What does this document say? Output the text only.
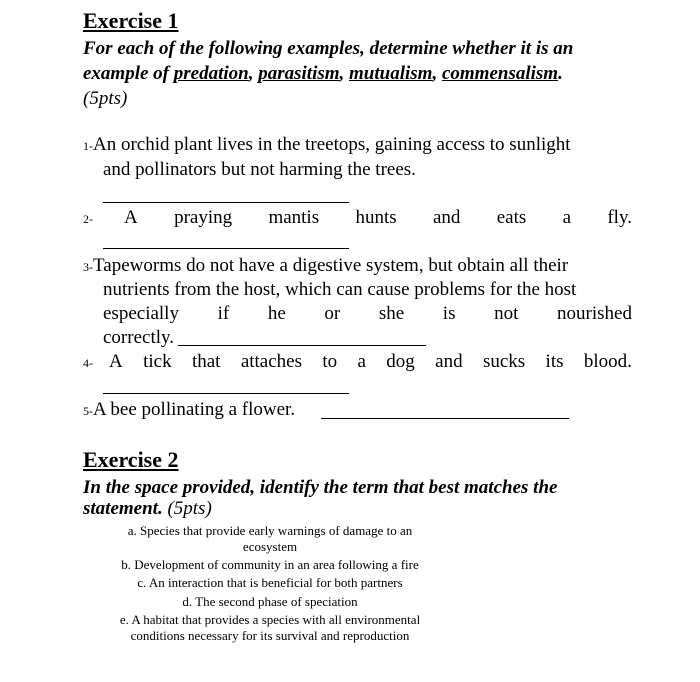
Exercise 1
For each of the following examples, determine whether it is an
example of predation, parasitism, mutualism, commensalism.
(5pts)
1-An orchid plant lives in the treetops, gaining access to sunlight
and pollinators but not harming the trees.
2- A praying mantis hunts and eats a fly.
3-Tapeworms do not have a digestive system, but obtain all their
nutrients from the host, which can cause problems for the host
especially if he or she is not nourished
correctly.
4- A tick that attaches to a dog and sucks its blood.
5-A bee pollinating a flower.
Exercise 2
In the space provided, identify the term that best matches the
statement. (5pts)
a. Species that provide early warnings of damage to an
ecosystem
b. Development of community in an area following a fire
c. An interaction that is beneficial for both partners
d. The second phase of speciation
e. A habitat that provides a species with all environmental
conditions necessary for its survival and reproduction
